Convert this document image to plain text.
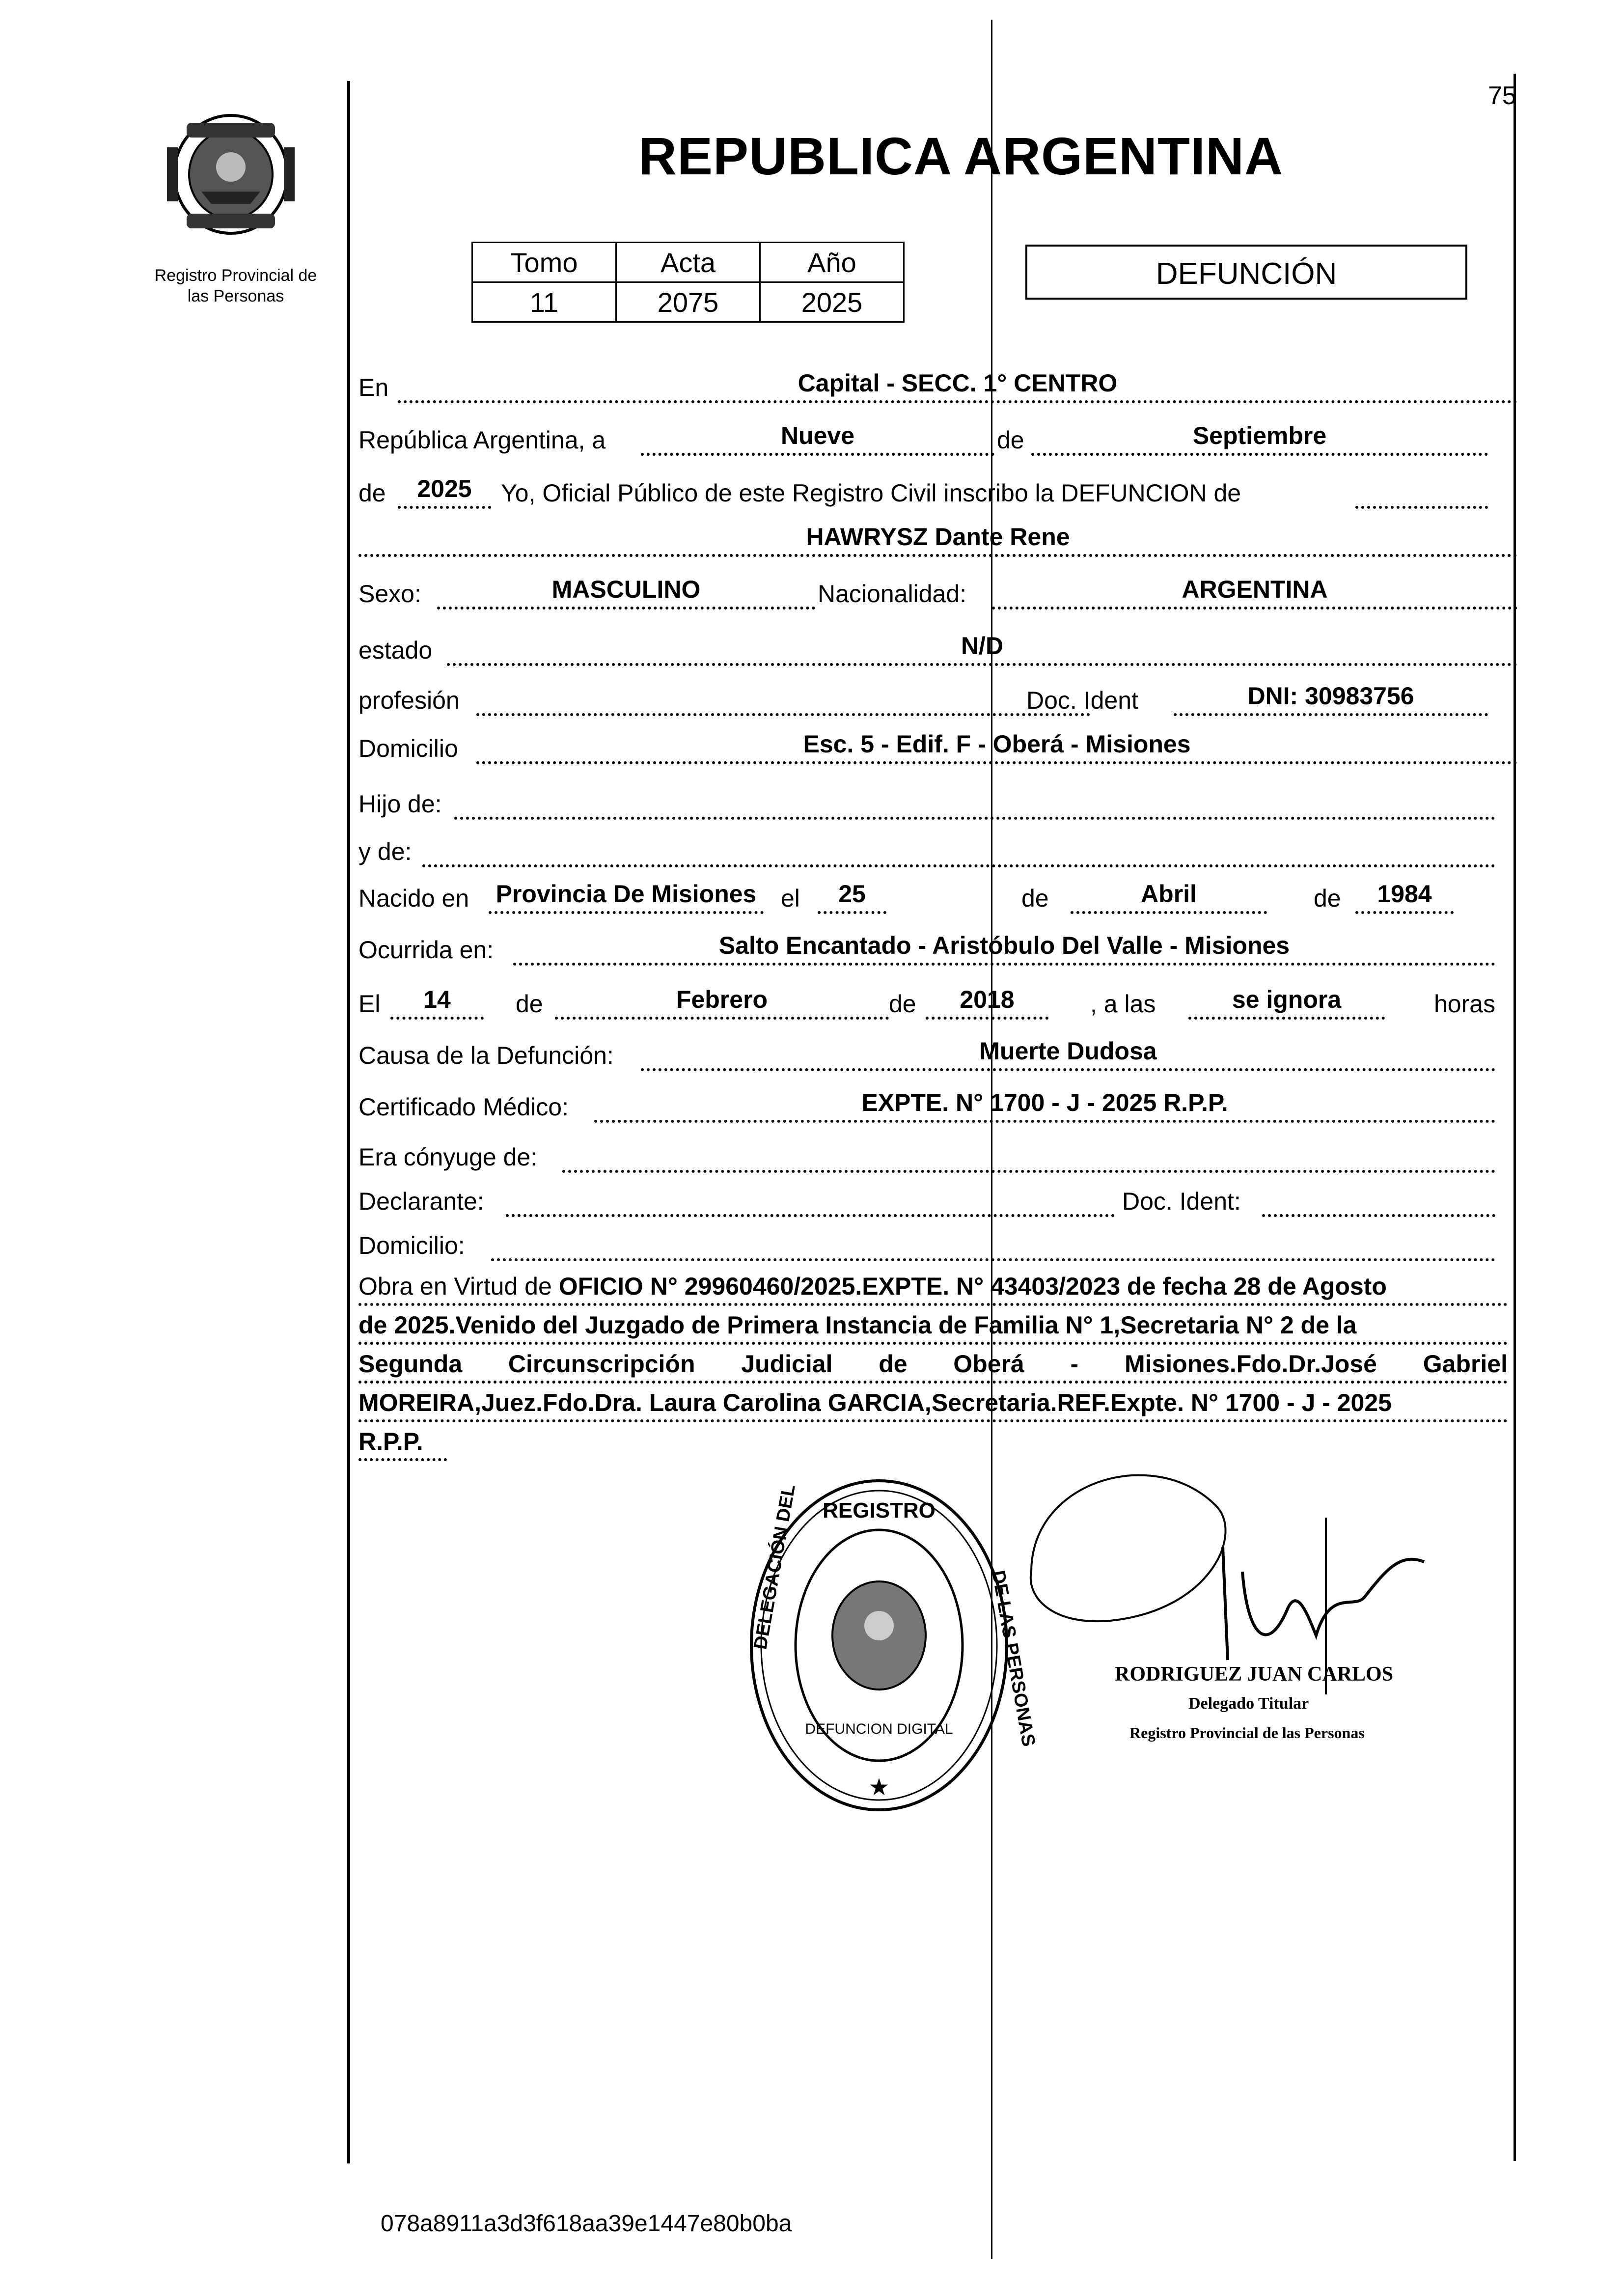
75
Registro Provincial de
las Personas
REPUBLICA ARGENTINA
Tomo	Acta	Año
11	2075	2025
DEFUNCIÓN
En	Capital - SECC. 1° CENTRO
República Argentina, a	Nueve	de	Septiembre
de	2025	Yo, Oficial Público de este Registro Civil inscribo la DEFUNCION de
HAWRYSZ Dante Rene
Sexo:	MASCULINO	Nacionalidad:	ARGENTINA
estado	N/D
profesión	Doc. Ident	DNI: 30983756
Domicilio	Esc. 5 - Edif. F - Oberá - Misiones
Hijo de:
y de:
Nacido en Provincia De Misiones el	25	de	Abril	de	1984
Ocurrida en:	Salto Encantado - Aristóbulo Del Valle - Misiones
El	14	de	Febrero	de	2018	, a las	se ignora	horas
Causa de la Defunción:	Muerte Dudosa
Certificado Médico:	EXPTE. N° 1700 - J - 2025 R.P.P.
Era cónyuge de:
Declarante:	Doc. Ident:
Domicilio:
Obra en Virtud de OFICIO N° 29960460/2025.EXPTE. N° 43403/2023 de fecha 28 de Agosto
de 2025.Venido del Juzgado de Primera Instancia de Familia N° 1,Secretaria N° 2 de la
Segunda Circunscripción Judicial de Oberá - Misiones.Fdo.Dr.José Gabriel
MOREIRA,Juez.Fdo.Dra. Laura Carolina GARCIA,Secretaria.REF.Expte. N° 1700 - J - 2025
R.P.P.
REGISTRO
DEFUNCION DIGITAL
DELEGACIÓN DEL
DE LAS PERSONAS
★
RODRIGUEZ JUAN CARLOS
Delegado Titular
Registro Provincial de las Personas
078a8911a3d3f618aa39e1447e80b0ba
